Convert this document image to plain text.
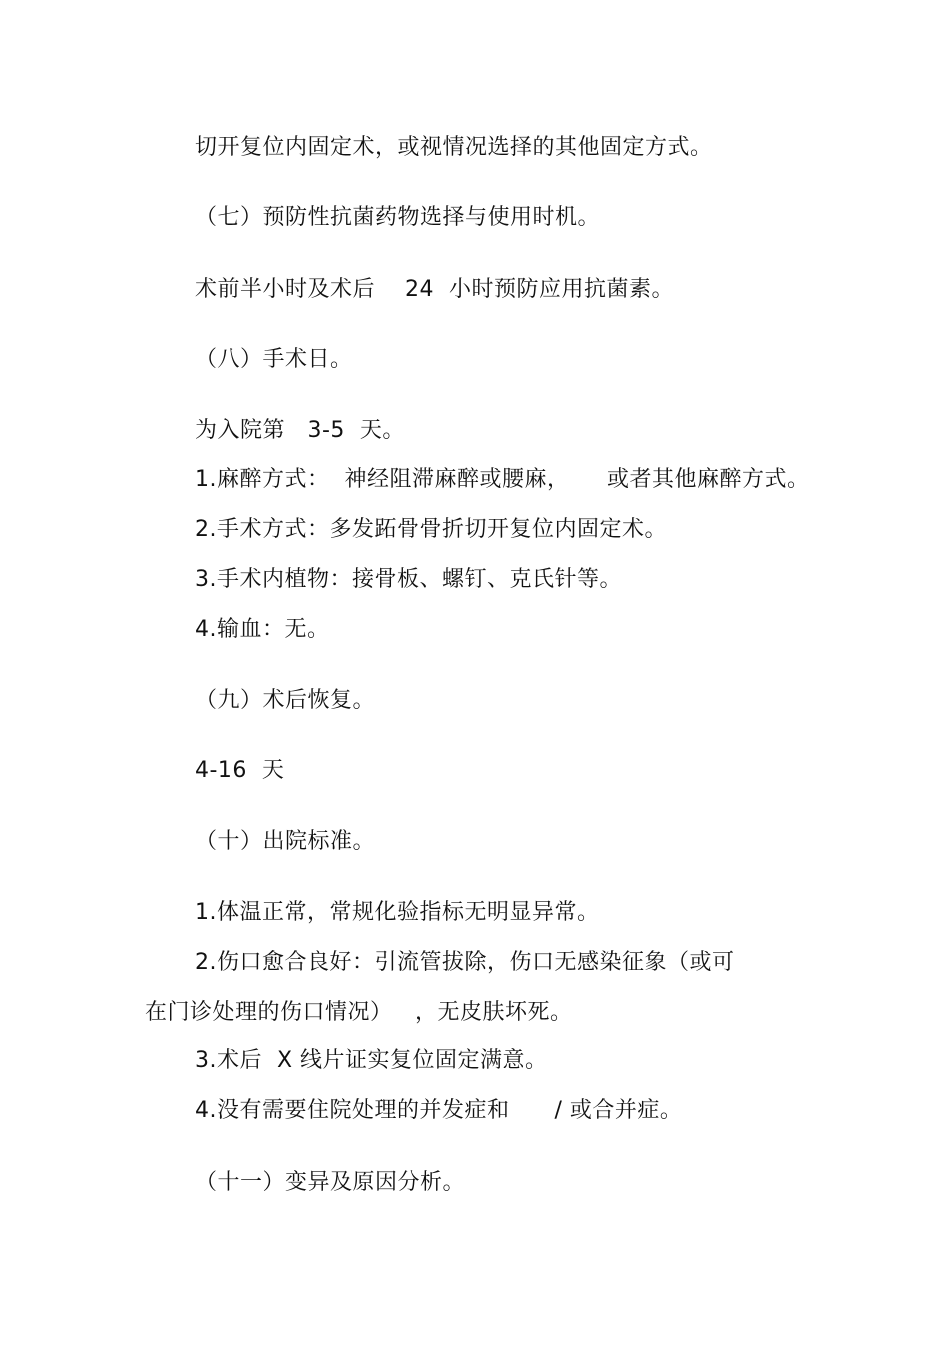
切开复位内固定术，或视情况选择的其他固定方式。
（七）预防性抗菌药物选择与使用时机。
术前半小时及术后    24  小时预防应用抗菌素。
（八）手术日。
为入院第   3-5  天。
1.麻醉方式：  神经阻滞麻醉或腰麻，     或者其他麻醉方式。
2.手术方式：多发跖骨骨折切开复位内固定术。
3.手术内植物：接骨板、螺钉、克氏针等。
4.输血：无。
（九）术后恢复。
4-16  天
（十）出院标准。
1.体温正常，常规化验指标无明显异常。
2.伤口愈合良好：引流管拔除，伤口无感染征象（或可
在门诊处理的伤口情况）   ，无皮肤坏死。
3.术后  X 线片证实复位固定满意。
4.没有需要住院处理的并发症和      / 或合并症。
（十一）变异及原因分析。
